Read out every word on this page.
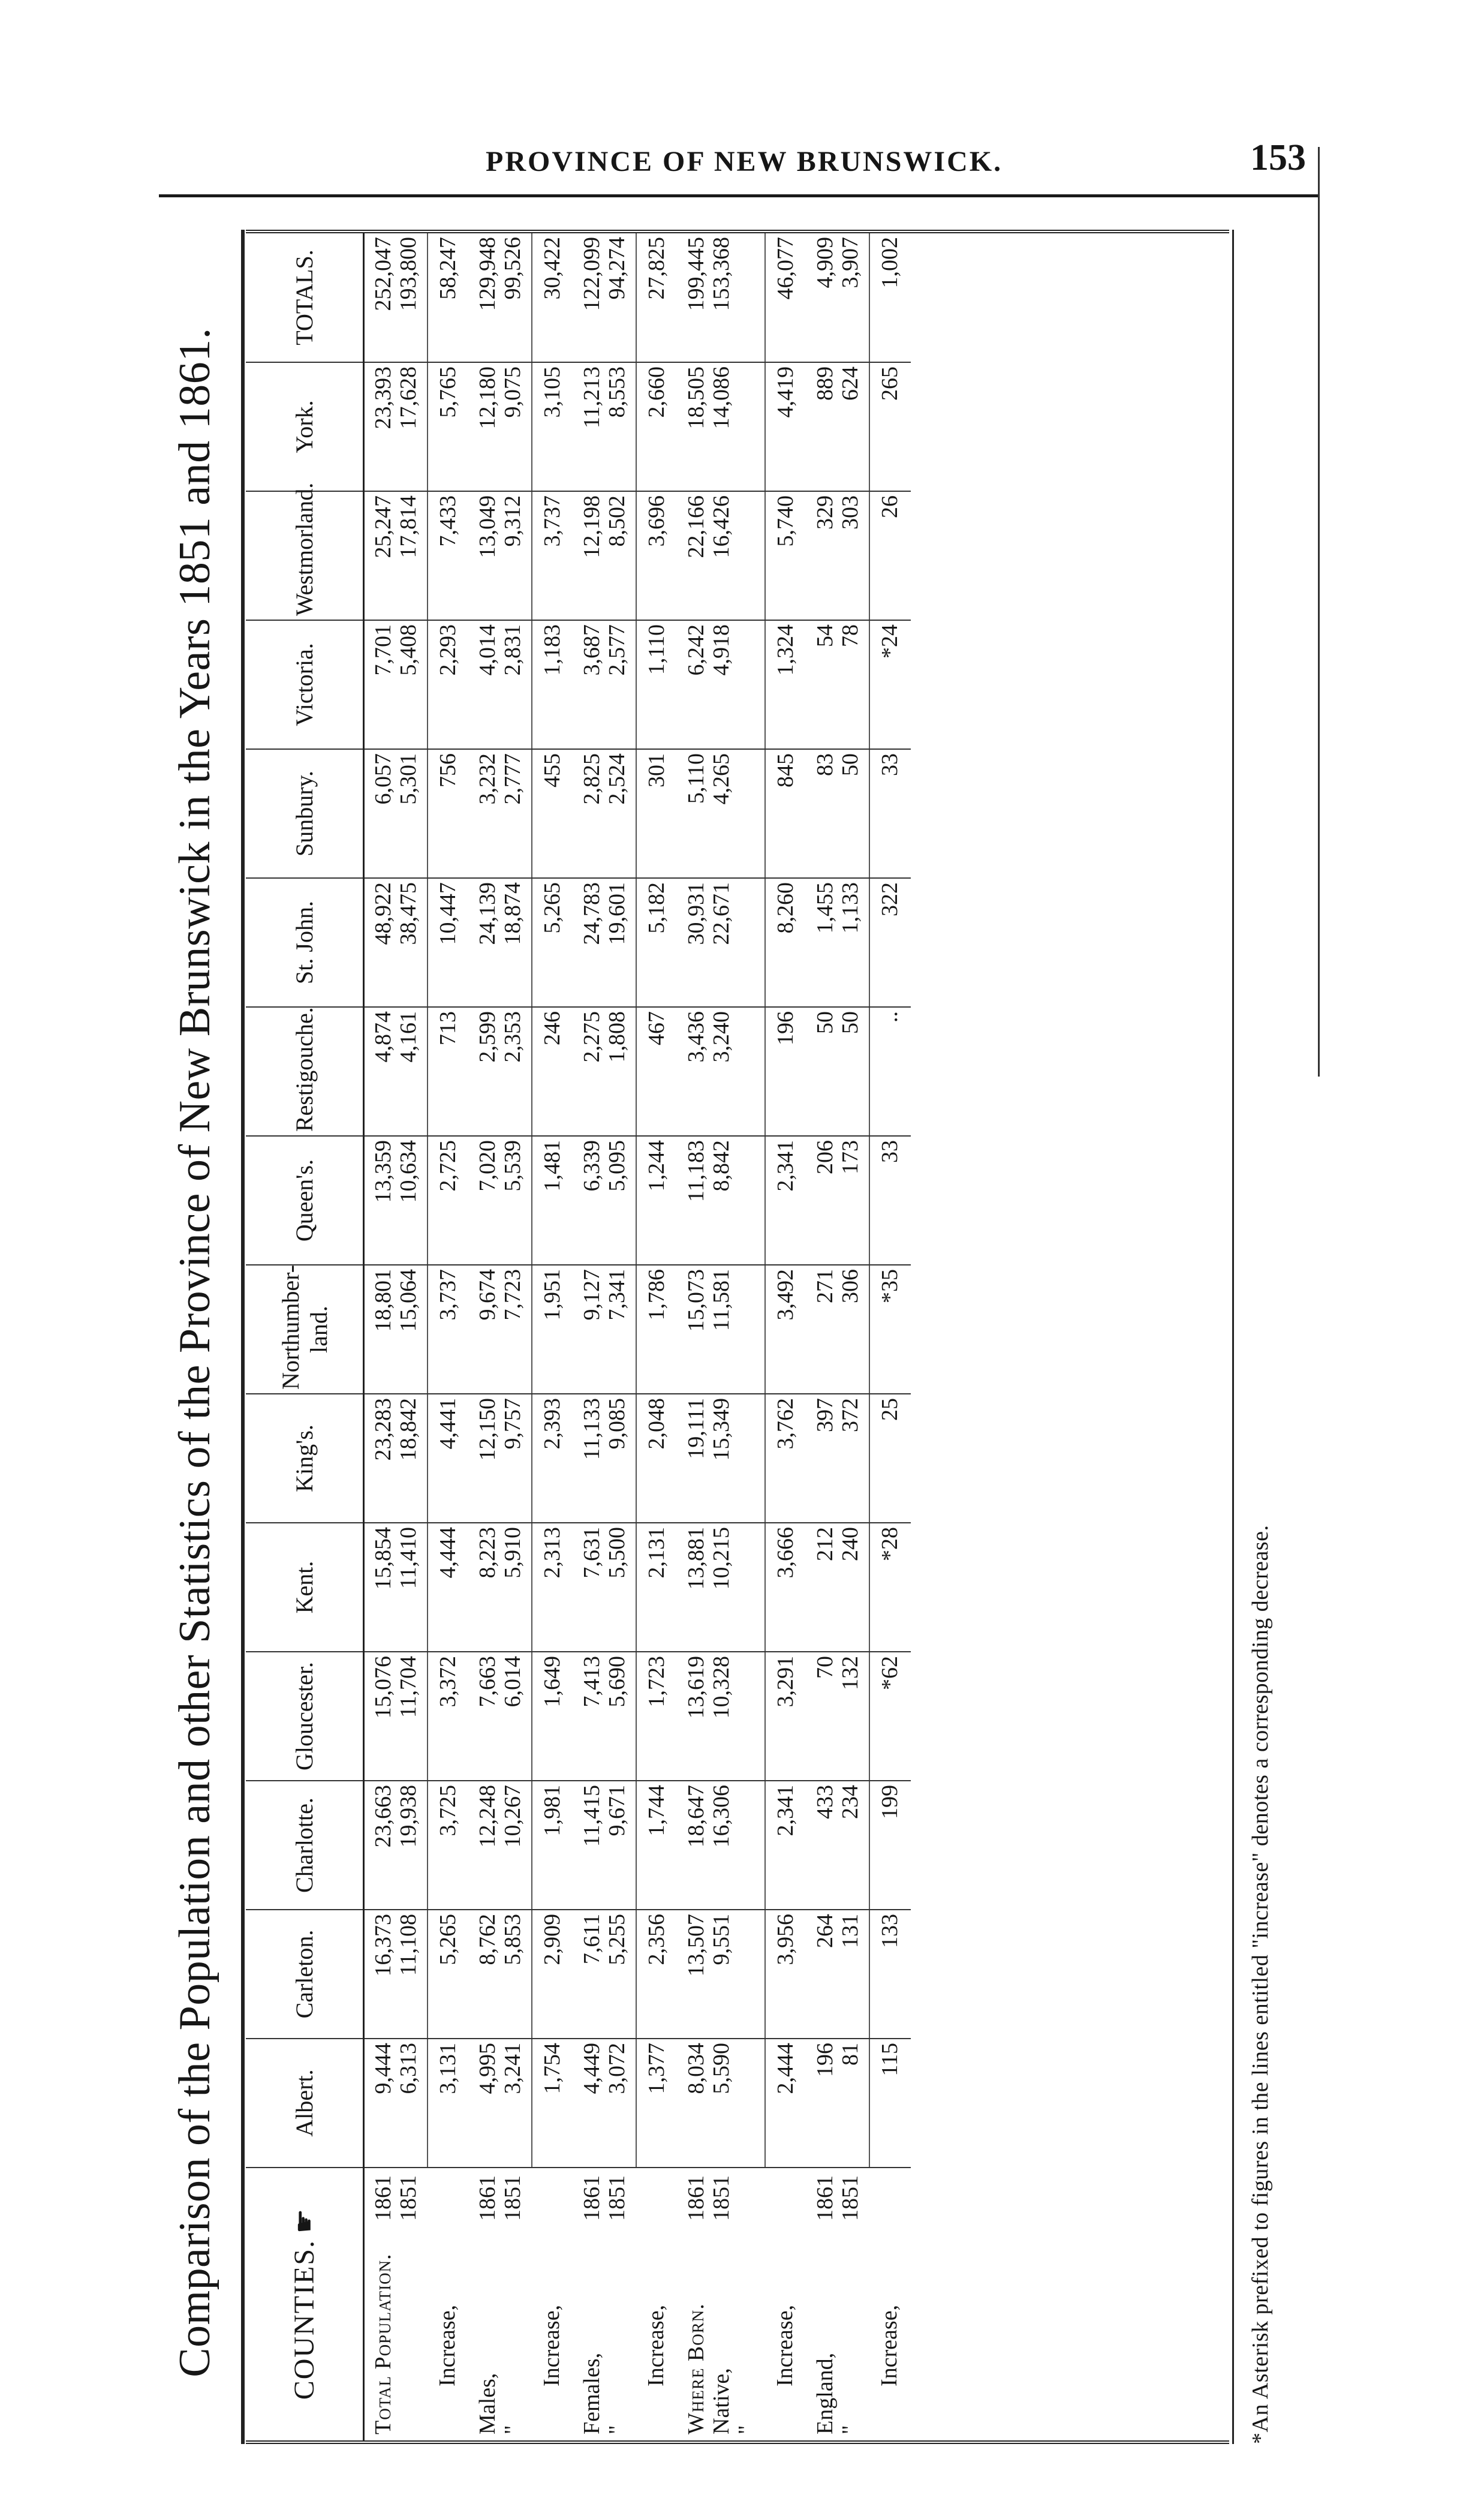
PROVINCE OF NEW BRUNSWICK.	153
Comparison of the Population and other Statistics of the Province of New Brunswick in the Years 1851 and 1861.	COUNTIES. ☛	Albert.	Carleton.	Charlotte.	Gloucester.	Kent.	King's.	Northumber-land.	Queen's.	Restigouche.	St. John.	Sunbury.	Victoria.	Westmorland.	York.	TOTALS.

1861 1851
Total Population.	9,444 6,313	16,373 11,108	23,663 19,938	15,076 11,704	15,854 11,410	23,283 18,842	18,801 15,064	13,359 10,634	4,874 4,161	48,922 38,475	6,057 5,301	7,701 5,408	25,247 17,814	23,393 17,628	252,047 193,800

Increase,	3,131	5,265	3,725	3,372	4,444	4,441	3,737	2,725	713	10,447	756	2,293	7,433	5,765	58,247

1861 1851
Males, "	4,995 3,241	8,762 5,853	12,248 10,267	7,663 6,014	8,223 5,910	12,150 9,757	9,674 7,723	7,020 5,539	2,599 2,353	24,139 18,874	3,232 2,777	4,014 2,831	13,049 9,312	12,180 9,075	129,948 99,526

Increase,	1,754	2,909	1,981	1,649	2,313	2,393	1,951	1,481	246	5,265	455	1,183	3,737	3,105	30,422

1861 1851
Females, "	4,449 3,072	7,611 5,255	11,415 9,671	7,413 5,690	7,631 5,500	11,133 9,085	9,127 7,341	6,339 5,095	2,275 1,808	24,783 19,601	2,825 2,524	3,687 2,577	12,198 8,502	11,213 8,553	122,099 94,274

Increase,	1,377	2,356	1,744	1,723	2,131	2,048	1,786	1,244	467	5,182	301	1,110	3,696	2,660	27,825

1861 1851
Where Born. Native, "	8,034 5,590	13,507 9,551	18,647 16,306	13,619 10,328	13,881 10,215	19,111 15,349	15,073 11,581	11,183 8,842	3,436 3,240	30,931 22,671	5,110 4,265	6,242 4,918	22,166 16,426	18,505 14,086	199,445 153,368

Increase,	2,444	3,956	2,341	3,291	3,666	3,762	3,492	2,341	196	8,260	845	1,324	5,740	4,419	46,077

1861 1851
England, "	196 81	264 131	433 234	70 132	212 240	397 372	271 306	206 173	50 50	1,455 1,133	83 50	54 78	329 303	889 624	4,909 3,907

Increase,	115	133	199	*62	*28	25	*35	33	..	322	33	*24	26	265	1,002
*An Asterisk prefixed to figures in the lines entitled "increase" denotes a corresponding decrease.
